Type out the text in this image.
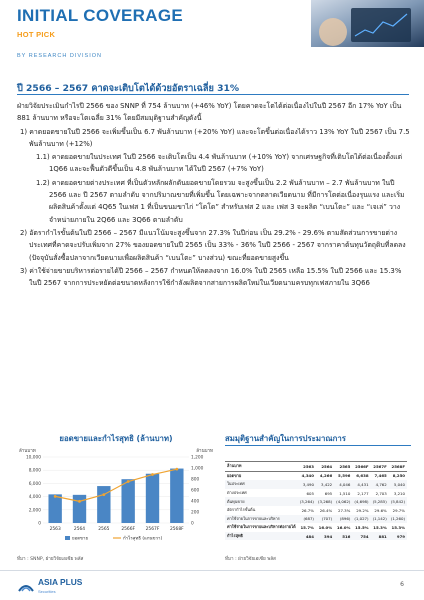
INITIAL COVERAGE
HOT PICK
BY RESEARCH DIVISION
ปี 2566 – 2567 คาดจะเติบโตได้ด้วยอัตราเฉลี่ย 31%

ฝ่ายวิจัยประเมินกำไรปี 2566 ของ SNNP ที่ 754 ล้านบาท (+46% YoY) โดยคาดจะโตได้ต่อเนื่องไปในปี 2567 อีก 17% YoY เป็น 881 ล้านบาท หรือจะโตเฉลี่ย 31% โดยมีสมมุติฐานสำคัญดังนี้

1) คาดยอดขายในปี 2566 จะเพิ่มขึ้นเป็น 6.7 พันล้านบาท (+20% YoY) และจะโตขึ้นต่อเนื่องได้ราว 13% YoY ในปี 2567 เป็น 7.5 พันล้านบาท (+12%)

1.1) คาดยอดขายในประเทศ ในปี 2566 จะเติบโตเป็น 4.4 พันล้านบาท (+10% YoY) จากเศรษฐกิจที่เติบโตได้ต่อเนื่องตั้งแต่ 1Q66 และจะฟื้นตัวดีขึ้นเป็น 4.8 พันล้านบาท ได้ในปี 2567 (+7% YoY)

1.2) คาดยอดขายต่างประเทศ ที่เป็นตัวหลักผลักดันยอดขายโดยรวม จะสูงขึ้นเป็น 2.2 พันล้านบาท – 2.7 พันล้านบาท ในปี 2566 และ ปี 2567 ตามลำดับ จากปริมาณขายที่เพิ่มขึ้น โดยเฉพาะจากตลาดเวียดนาม ที่มีการโตต่อเนื่องรุนแรง และเริ่มผลิตสินค้าตั้งแต่ 4Q65 ในเฟส 1 ที่เป็นขนมขาไก่ “โดโด” สำหรับเฟส 2 และ เฟส 3 จะผลิต “เบนโตะ” และ “เจเล่” วางจำหน่ายภายใน 2Q66 และ 3Q66 ตามลำดับ

2) อัตรากำไรขั้นต้นในปี 2566 – 2567 มีแนวโน้มจะสูงขึ้นจาก 27.3% ในปีก่อน เป็น 29.2% - 29.6% ตามสัดส่วนการขายต่างประเทศที่คาดจะปรับเพิ่มจาก 27% ของยอดขายในปี 2565 เป็น 33% - 36% ในปี 2566 - 2567 จากราคาต้นทุนวัตถุดิบที่ลดลง (ปัจจุบันสั่งซื้อปลาจากเวียดนามเพื่อผลิตสินค้า “เบนโตะ” บางส่วน) ขณะที่ยอดขายสูงขึ้น

3) ค่าใช้จ่ายขายบริหารต่อรายได้ปี 2566 – 2567 กำหนดให้ลดลงจาก 16.0% ในปี 2565 เหลือ 15.5% ในปี 2566 และ 15.3% ในปี 2567 จากการประหยัดต่อขนาดหลังการใช้กำลังผลิตจากสายการผลิตใหม่ในเวียดนามครบทุกเฟสภายใน 3Q66

ยอดขายและกำไรสุทธิ (ล้านบาท)
ล้านบาท	ล้านบาท
0
2,000
4,000
6,000
8,000
10,000
0
200
400
600
800
1,000
1,200
2563	2564	2565	2566F 2567F 2568F
ยอดขาย	กำไรสุทธิ (แกนขวา)
ที่มา : SNNP, ฝ่ายวิจัยเอเซีย พลัส
สมมุติฐานสำคัญในการประมาณการ
ล้านบาท	2563	2564	2565	2566F	2567F	2568F
ยอดขาย	4,340	4,266	5,596	6,638	7,465	8,250
ในประเทศ	3,490	3,422	4,046	4,431	4,762	5,040
ต่างประเทศ	605	695	1,510	2,177	2,703	3,210
ต้นทุนขาย	(3,264)	(3,268)	(4,062)	(4,698)	(5,285)	(5,842)
อัตรากำไรขั้นต้น	26.7%	26.4%	27.3%	29.2%	29.6%	29.7%
ค่าใช้จ่ายในการขายและบริหาร	(687)	(707)	(896)	(1,027)	(1,142)	(1,260)
ค่าใช้จ่ายในการขายและบริหารต่อรายได้	15.7%	16.0%	16.0%	15.5%	15.3%	15.3%
กำไรสุทธิ	484	394	516	754	881	979
ที่มา : ฝ่ายวิจัยเอเซีย พลัส
ASIA PLUS
Securities
6
